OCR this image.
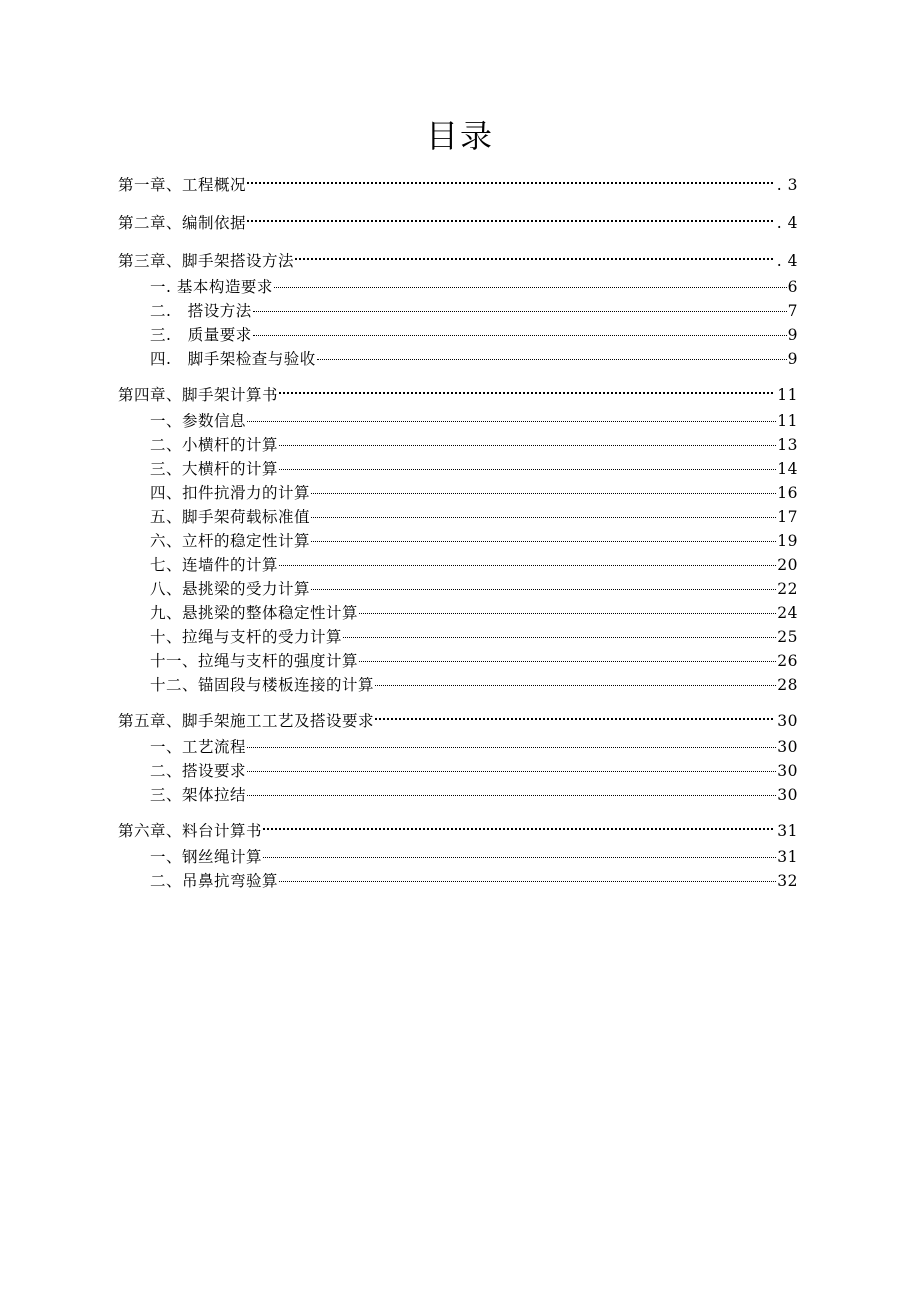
目录
第一章、工程概况	. 3
第二章、编制依据	. 4
第三章、脚手架搭设方法	. 4
一. 基本构造要求	6
二.   搭设方法	7
三.   质量要求	9
四.   脚手架检查与验收	9
第四章、脚手架计算书	11
一、参数信息	11
二、小横杆的计算	13
三、大横杆的计算	14
四、扣件抗滑力的计算	16
五、脚手架荷载标准值	17
六、立杆的稳定性计算	19
七、连墙件的计算	20
八、悬挑梁的受力计算	22
九、悬挑梁的整体稳定性计算	24
十、拉绳与支杆的受力计算	25
十一、拉绳与支杆的强度计算	26
十二、锚固段与楼板连接的计算	28
第五章、脚手架施工工艺及搭设要求	30
一、工艺流程	30
二、搭设要求	30
三、架体拉结	30
第六章、料台计算书	31
一、钢丝绳计算	31
二、吊鼻抗弯验算	32
